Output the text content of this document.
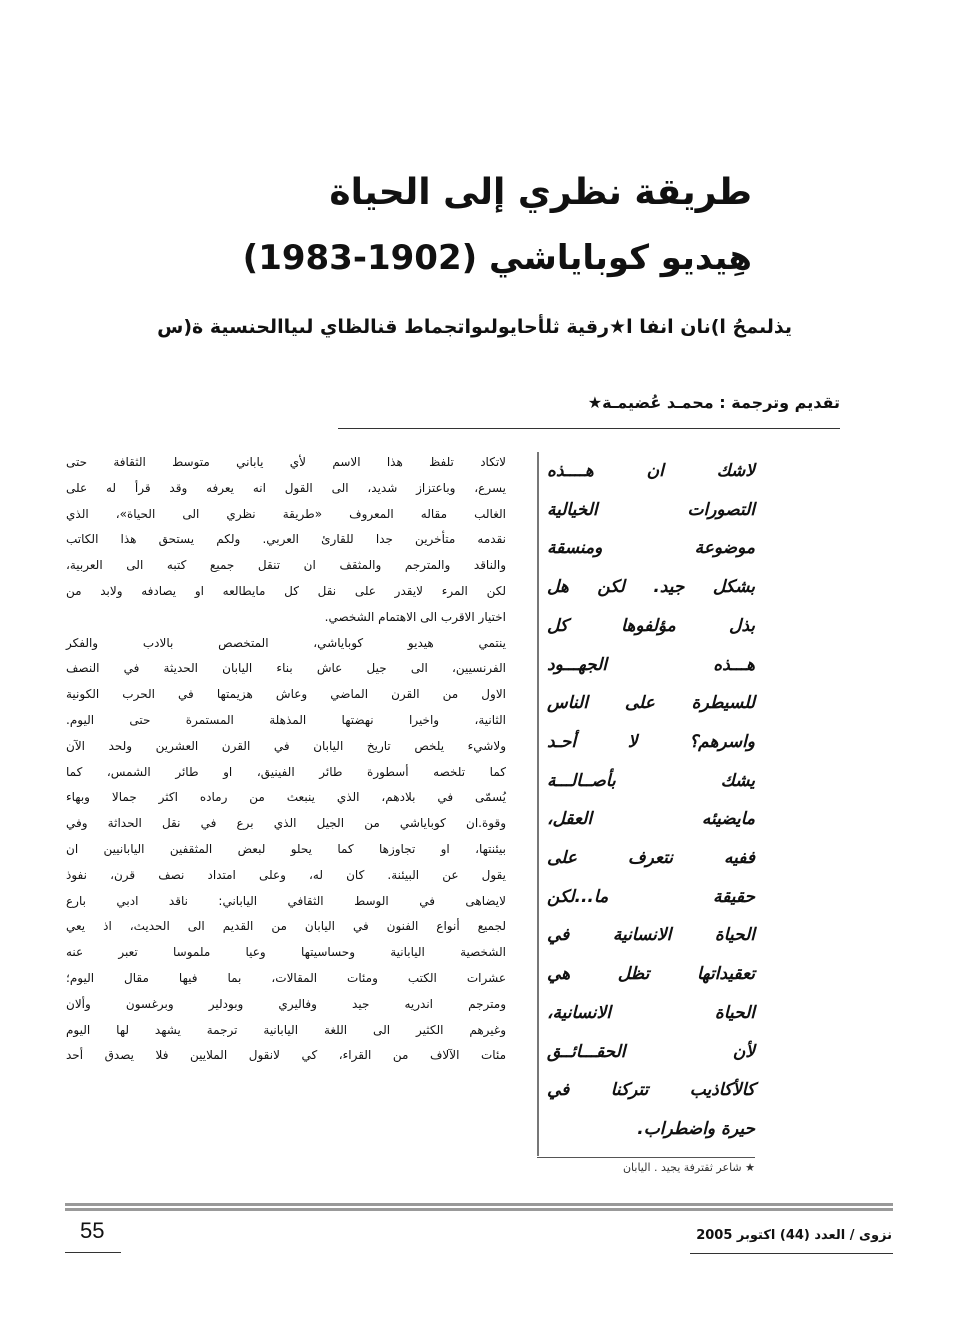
طريقة نظري إلى الحياة
هِيديو كوباياشي (1902-1983)
يذلىمحُ ا)نان انفا ا★رقية ثلأحايولىواتجماط قنالظاي لىياالحنسية ة(س
تقديم وترجمة : محمـد عُضيمـة★
لاتكاد تلفظ هذا الاسم لأي ياباني متوسط الثقافة حتى
يسرع، وباعتزاز شديد، الى القول انه يعرفه وقد قرأ له على
الغالب مقاله المعروف «طريقة نظري الى الحياة»، الذي
نقدمه متأخرين جدا للقارئ العربي. ولكم يستحق هذا الكاتب
والناقد والمترجم والمثقف ان تنقل جميع كتبه الى العربية،
لكن المرء لايقدر على نقل كل مايطالعه او يصادفه ولابد من
اختيار الاقرب الى الاهتمام الشخصي.
ينتمي هيديو كوباياشي، المتخصص بالادب والفكر
الفرنسيين، الى جيل عاش بناء اليابان الحديثة في النصف
الاول من القرن الماضي وعاش هزيمتها في الحرب الكونية
الثانية، واخيرا نهضتها المذهلة المستمرة حتى اليوم.
ولاشيء يلخص تاريخ اليابان في القرن العشرين ولحد الآن
كما تلخصه أسطورة طائر الفينيق، او طائر الشمس، كما
يُسمّى في بلادهم، الذي ينبعث من رماده اكثر جمالا وبهاء
وقوة.ان كوباياشي من الجيل الذي برع في نقل الحداثة وفي
بيئنتها، او تجاوزها كما يحلو لبعض المثقفين اليابانيين ان
يقول عن البيئنة. كان له، وعلى امتداد نصف قرن، نفوذ
لايضاهى في الوسط الثقافي الياباني: ناقد ادبي بارع
لجميع أنواع الفنون في اليابان من القديم الى الحديث، اذ يعي
الشخصية اليابانية وحساسيتها وعيا ملموسا تعبر عنه
عشرات الكتب ومئات المقالات، بما فيها مقال اليوم؛
ومترجم اندريه جيد وفاليري وبودلير وبرغسون وألان
وغيرهم الكثير الى اللغة اليابانية ترجمة يشهد لها اليوم
مئات الآلاف من القراء، كي لانقول الملايين فلا يصدق أحد
لاشك ان هــــذه
التصورات الخيالية
موضوعة ومنسقة
بشكل جيد. لكن هل
بذل مؤلفوها كل
هـــذه الجهـــود
للسيطرة على الناس
واسرهم؟ لا أحـد
يشك بأصــالـــة
مايضيئه العقل،
ففيه نتعرف على
حقيقة ما...لكن
الحياة الانسانية في
تعقيداتها تظل هي
الحياة الانسانية،
لأن الحقـــائــق
كالأكاذيب تتركنا في
حيرة واضطراب.
★ شاعر ثقترفة يجيد . اليابان
55	نزوى / العدد (44) اكتوبر 2005
